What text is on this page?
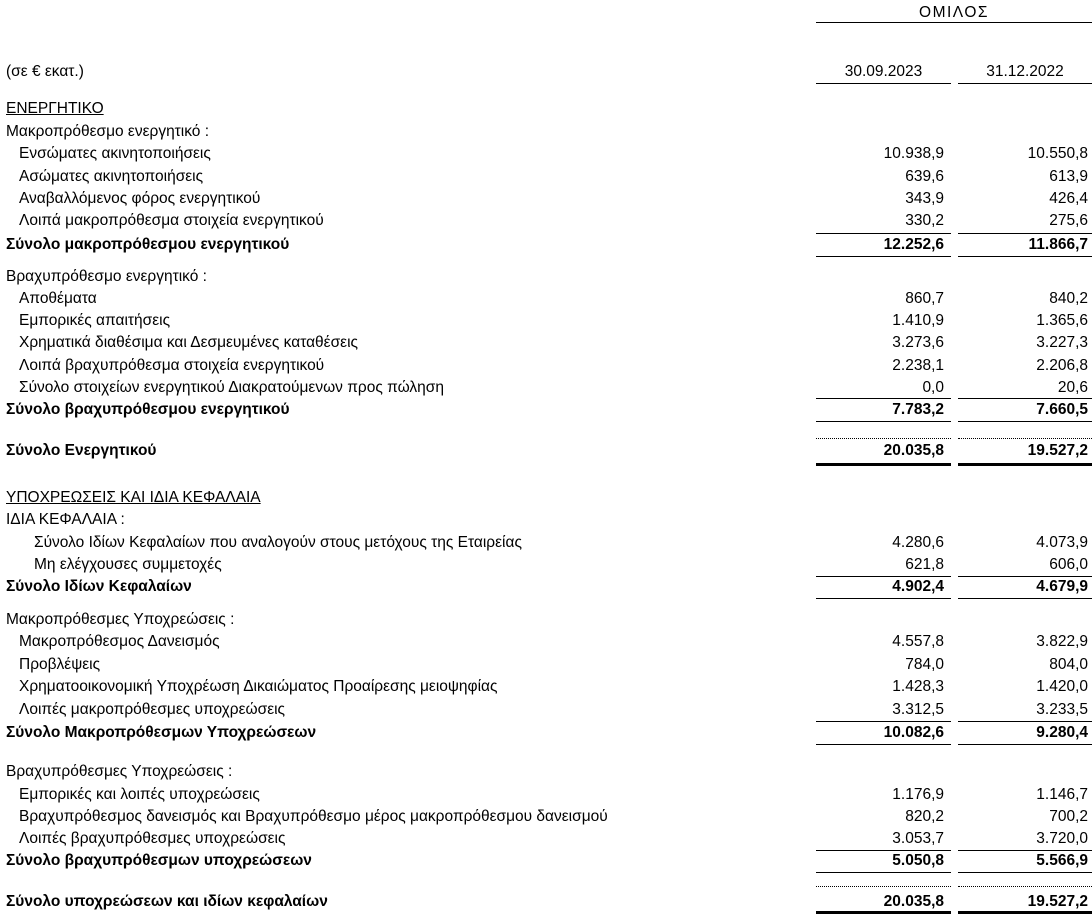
ΟΜΙΛΟΣ
(σε € εκατ.)	30.09.2023	31.12.2022
ΕΝΕΡΓΗΤΙΚΟ
Μακροπρόθεσμο ενεργητικό :
Ενσώματες ακινητοποιήσεις	10.938,9	10.550,8
Ασώματες ακινητοποιήσεις	639,6	613,9
Αναβαλλόμενος φόρος ενεργητικού	343,9	426,4
Λοιπά μακροπρόθεσμα στοιχεία ενεργητικού	330,2	275,6
Σύνολο μακροπρόθεσμου ενεργητικού	12.252,6	11.866,7
Βραχυπρόθεσμο ενεργητικό :
Αποθέματα	860,7	840,2
Εμπορικές απαιτήσεις	1.410,9	1.365,6
Χρηματικά διαθέσιμα και Δεσμευμένες καταθέσεις	3.273,6	3.227,3
Λοιπά βραχυπρόθεσμα στοιχεία ενεργητικού	2.238,1	2.206,8
Σύνολο στοιχείων ενεργητικού Διακρατούμενων προς πώληση	0,0	20,6
Σύνολο βραχυπρόθεσμου ενεργητικού	7.783,2	7.660,5
Σύνολο Ενεργητικού	20.035,8	19.527,2
ΥΠΟΧΡΕΩΣΕΙΣ ΚΑΙ ΙΔΙΑ ΚΕΦΑΛΑΙΑ
ΙΔΙΑ ΚΕΦΑΛΑΙΑ :
Σύνολο Ιδίων Κεφαλαίων που αναλογούν στους μετόχους της Εταιρείας	4.280,6	4.073,9
Μη ελέγχουσες συμμετοχές	621,8	606,0
Σύνολο Ιδίων Κεφαλαίων	4.902,4	4.679,9
Μακροπρόθεσμες Υποχρεώσεις :
Μακροπρόθεσμος Δανεισμός	4.557,8	3.822,9
Προβλέψεις	784,0	804,0
Χρηματοοικονομική Υποχρέωση Δικαιώματος Προαίρεσης μειοψηφίας	1.428,3	1.420,0
Λοιπές μακροπρόθεσμες υποχρεώσεις	3.312,5	3.233,5
Σύνολο Μακροπρόθεσμων Υποχρεώσεων	10.082,6	9.280,4
Βραχυπρόθεσμες Υποχρεώσεις :
Εμπορικές και λοιπές υποχρεώσεις	1.176,9	1.146,7
Βραχυπρόθεσμος δανεισμός και Βραχυπρόθεσμο μέρος μακροπρόθεσμου δανεισμού	820,2	700,2
Λοιπές βραχυπρόθεσμες υποχρεώσεις	3.053,7	3.720,0
Σύνολο βραχυπρόθεσμων υποχρεώσεων	5.050,8	5.566,9
Σύνολο υποχρεώσεων και ιδίων κεφαλαίων	20.035,8	19.527,2
